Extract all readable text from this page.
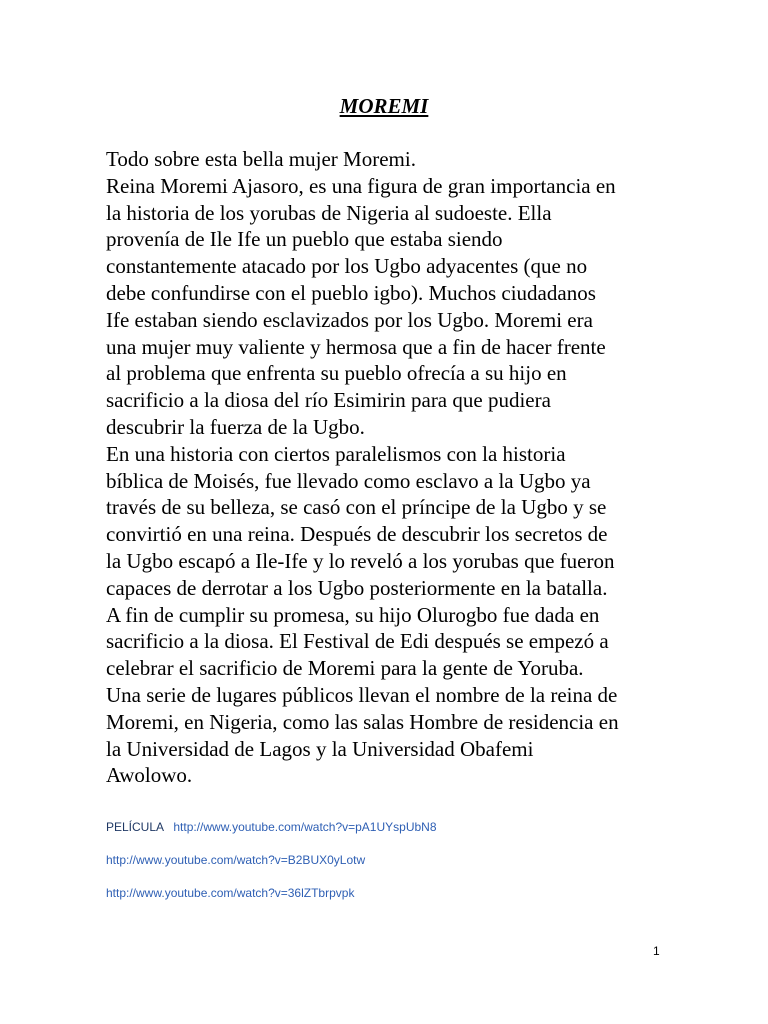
MOREMI
Todo sobre esta bella mujer Moremi.
Reina Moremi Ajasoro, es una figura de gran importancia en
la historia de los yorubas de Nigeria al sudoeste. Ella
provenía de Ile Ife un pueblo que estaba siendo
constantemente atacado por los Ugbo adyacentes (que no
debe confundirse con el pueblo igbo). Muchos ciudadanos
Ife estaban siendo esclavizados por los Ugbo. Moremi era
una mujer muy valiente y hermosa que a fin de hacer frente
al problema que enfrenta su pueblo ofrecía a su hijo en
sacrificio a la diosa del río Esimirin para que pudiera
descubrir la fuerza de la Ugbo.
En una historia con ciertos paralelismos con la historia
bíblica de Moisés, fue llevado como esclavo a la Ugbo ya
través de su belleza, se casó con el príncipe de la Ugbo y se
convirtió en una reina. Después de descubrir los secretos de
la Ugbo escapó a Ile-Ife y lo reveló a los yorubas que fueron
capaces de derrotar a los Ugbo posteriormente en la batalla.
A fin de cumplir su promesa, su hijo Olurogbo fue dada en
sacrificio a la diosa. El Festival de Edi después se empezó a
celebrar el sacrificio de Moremi para la gente de Yoruba.
Una serie de lugares públicos llevan el nombre de la reina de
Moremi, en Nigeria, como las salas Hombre de residencia en
la Universidad de Lagos y la Universidad Obafemi
Awolowo.
PELÍCULA http://www.youtube.com/watch?v=pA1UYspUbN8
http://www.youtube.com/watch?v=B2BUX0yLotw
http://www.youtube.com/watch?v=36lZTbrpvpk
1
